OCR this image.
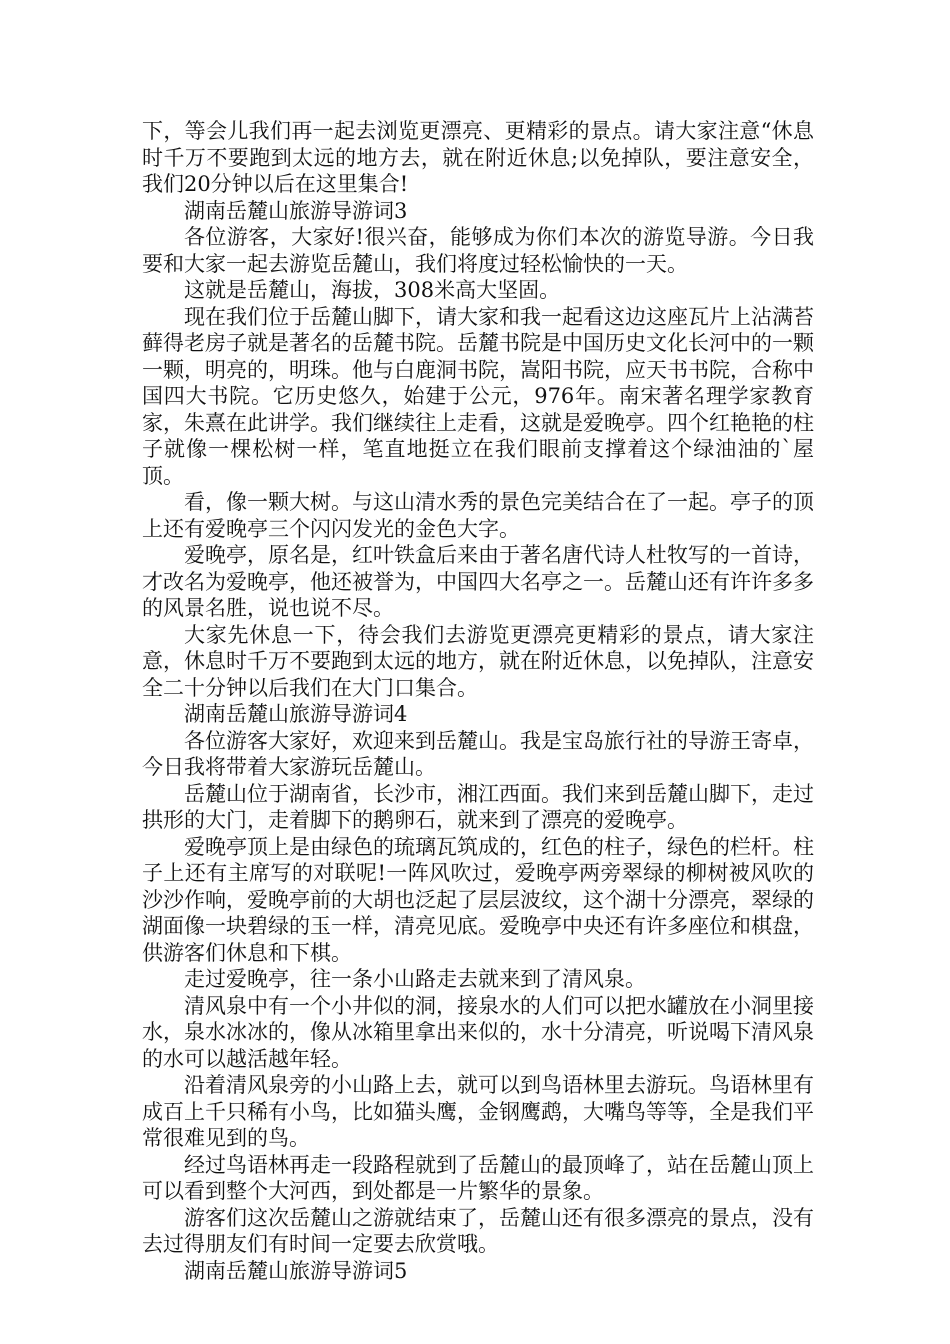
下，等会儿我们再一起去浏览更漂亮、更精彩的景点。请大家注意“休息时千万不要跑到太远的地方去，就在附近休息;以免掉队，要注意安全，我们20分钟以后在这里集合!

湖南岳麓山旅游导游词3

各位游客，大家好!很兴奋，能够成为你们本次的游览导游。今日我要和大家一起去游览岳麓山，我们将度过轻松愉快的一天。

这就是岳麓山，海拔，308米高大坚固。

现在我们位于岳麓山脚下，请大家和我一起看这边这座瓦片上沾满苔藓得老房子就是著名的岳麓书院。岳麓书院是中国历史文化长河中的一颗一颗，明亮的，明珠。他与白鹿洞书院，嵩阳书院，应天书书院，合称中国四大书院。它历史悠久，始建于公元，976年。南宋著名理学家教育家，朱熹在此讲学。我们继续往上走看，这就是爱晚亭。四个红艳艳的柱子就像一棵松树一样，笔直地挺立在我们眼前支撑着这个绿油油的`屋顶。

看，像一颗大树。与这山清水秀的景色完美结合在了一起。亭子的顶上还有爱晚亭三个闪闪发光的金色大字。

爱晚亭，原名是，红叶铁盒后来由于著名唐代诗人杜牧写的一首诗，才改名为爱晚亭，他还被誉为，中国四大名亭之一。岳麓山还有许许多多的风景名胜，说也说不尽。

大家先休息一下，待会我们去游览更漂亮更精彩的景点，请大家注意，休息时千万不要跑到太远的地方，就在附近休息，以免掉队，注意安全二十分钟以后我们在大门口集合。

湖南岳麓山旅游导游词4

各位游客大家好，欢迎来到岳麓山。我是宝岛旅行社的导游王寄卓，今日我将带着大家游玩岳麓山。

岳麓山位于湖南省，长沙市，湘江西面。我们来到岳麓山脚下，走过拱形的大门，走着脚下的鹅卵石，就来到了漂亮的爱晚亭。

爱晚亭顶上是由绿色的琉璃瓦筑成的，红色的柱子，绿色的栏杆。柱子上还有主席写的对联呢!一阵风吹过，爱晚亭两旁翠绿的柳树被风吹的沙沙作响，爱晚亭前的大胡也泛起了层层波纹，这个湖十分漂亮，翠绿的湖面像一块碧绿的玉一样，清亮见底。爱晚亭中央还有许多座位和棋盘，供游客们休息和下棋。

走过爱晚亭，往一条小山路走去就来到了清风泉。

清风泉中有一个小井似的洞，接泉水的人们可以把水罐放在小洞里接水，泉水冰冰的，像从冰箱里拿出来似的，水十分清亮，听说喝下清风泉的水可以越活越年轻。

沿着清风泉旁的小山路上去，就可以到鸟语林里去游玩。鸟语林里有成百上千只稀有小鸟，比如猫头鹰，金钢鹰鹉，大嘴鸟等等，全是我们平常很难见到的鸟。

经过鸟语林再走一段路程就到了岳麓山的最顶峰了，站在岳麓山顶上可以看到整个大河西，到处都是一片繁华的景象。

游客们这次岳麓山之游就结束了，岳麓山还有很多漂亮的景点，没有去过得朋友们有时间一定要去欣赏哦。

湖南岳麓山旅游导游词5
